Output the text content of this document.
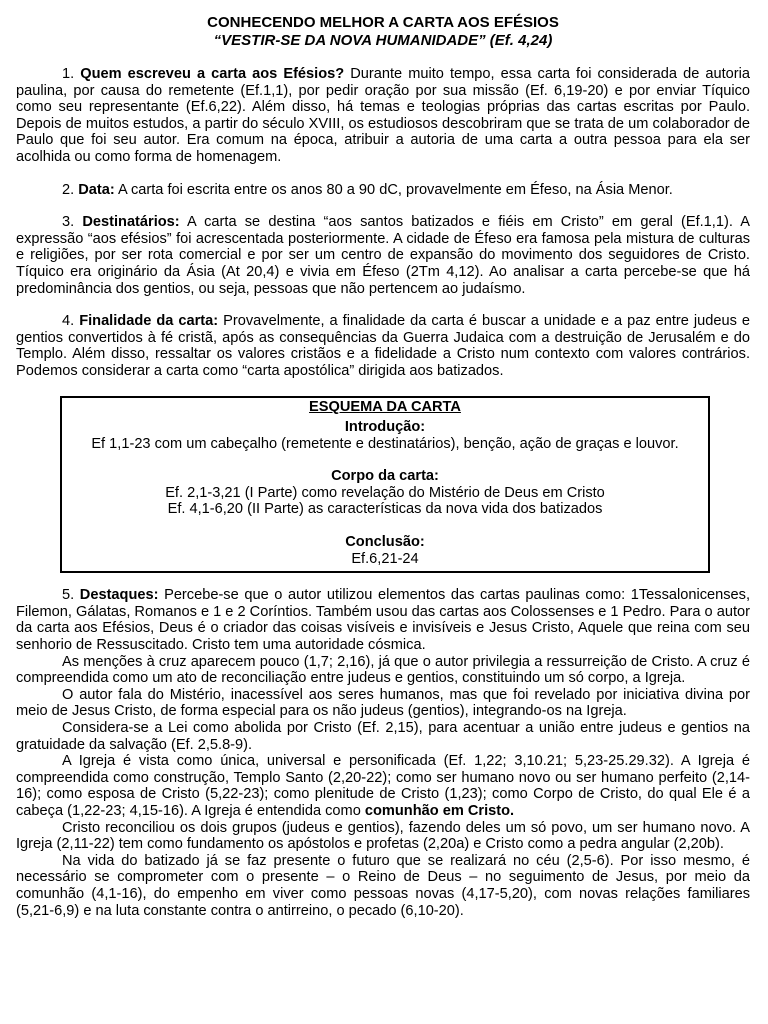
CONHECENDO MELHOR A CARTA AOS EFÉSIOS
“VESTIR-SE DA NOVA HUMANIDADE” (Ef. 4,24)

1. Quem escreveu a carta aos Efésios? Durante muito tempo, essa carta foi considerada de autoria paulina, por causa do remetente (Ef.1,1), por pedir oração por sua missão (Ef. 6,19-20) e por enviar Tíquico como seu representante (Ef.6,22). Além disso, há temas e teologias próprias das cartas escritas por Paulo. Depois de muitos estudos, a partir do século XVIII, os estudiosos descobriram que se trata de um colaborador de Paulo que foi seu autor. Era comum na época, atribuir a autoria de uma carta a outra pessoa para ela ser acolhida ou como forma de homenagem.

2. Data: A carta foi escrita entre os anos 80 a 90 dC, provavelmente em Éfeso, na Ásia Menor.

3. Destinatários: A carta se destina “aos santos batizados e fiéis em Cristo” em geral (Ef.1,1). A expressão “aos efésios” foi acrescentada posteriormente. A cidade de Éfeso era famosa pela mistura de culturas e religiões, por ser rota comercial e por ser um centro de expansão do movimento dos seguidores de Cristo. Tíquico era originário da Ásia (At 20,4) e vivia em Éfeso (2Tm 4,12). Ao analisar a carta percebe-se que há predominância dos gentios, ou seja, pessoas que não pertencem ao judaísmo.

4. Finalidade da carta: Provavelmente, a finalidade da carta é buscar a unidade e a paz entre judeus e gentios convertidos à fé cristã, após as consequências da Guerra Judaica com a destruição de Jerusalém e do Templo. Além disso, ressaltar os valores cristãos e a fidelidade a Cristo num contexto com valores contrários. Podemos considerar a carta como “carta apostólica” dirigida aos batizados.

ESQUEMA DA CARTA
Introdução:
Ef 1,1-23 com um cabeçalho (remetente e destinatários), benção, ação de graças e louvor.
Corpo da carta:
Ef. 2,1-3,21 (I Parte) como revelação do Mistério de Deus em Cristo
Ef. 4,1-6,20 (II Parte) as características da nova vida dos batizados
Conclusão:
Ef.6,21-24

5. Destaques: Percebe-se que o autor utilizou elementos das cartas paulinas como: 1Tessalonicenses, Filemon, Gálatas, Romanos e 1 e 2 Coríntios. Também usou das cartas aos Colossenses e 1 Pedro. Para o autor da carta aos Efésios, Deus é o criador das coisas visíveis e invisíveis e Jesus Cristo, Aquele que reina com seu senhorio de Ressuscitado. Cristo tem uma autoridade cósmica.

As menções à cruz aparecem pouco (1,7; 2,16), já que o autor privilegia a ressurreição de Cristo. A cruz é compreendida como um ato de reconciliação entre judeus e gentios, constituindo um só corpo, a Igreja.

O autor fala do Mistério, inacessível aos seres humanos, mas que foi revelado por iniciativa divina por meio de Jesus Cristo, de forma especial para os não judeus (gentios), integrando-os na Igreja.

Considera-se a Lei como abolida por Cristo (Ef. 2,15), para acentuar a união entre judeus e gentios na gratuidade da salvação (Ef. 2,5.8-9).

A Igreja é vista como única, universal e personificada (Ef. 1,22; 3,10.21; 5,23-25.29.32). A Igreja é compreendida como construção, Templo Santo (2,20-22); como ser humano novo ou ser humano perfeito (2,14-16); como esposa de Cristo (5,22-23); como plenitude de Cristo (1,23); como Corpo de Cristo, do qual Ele é a cabeça (1,22-23; 4,15-16). A Igreja é entendida como comunhão em Cristo.

Cristo reconciliou os dois grupos (judeus e gentios), fazendo deles um só povo, um ser humano novo. A Igreja (2,11-22) tem como fundamento os apóstolos e profetas (2,20a) e Cristo como a pedra angular (2,20b).

Na vida do batizado já se faz presente o futuro que se realizará no céu (2,5-6). Por isso mesmo, é necessário se comprometer com o presente – o Reino de Deus – no seguimento de Jesus, por meio da comunhão (4,1-16), do empenho em viver como pessoas novas (4,17-5,20), com novas relações familiares (5,21-6,9) e na luta constante contra o antirreino, o pecado (6,10-20).
